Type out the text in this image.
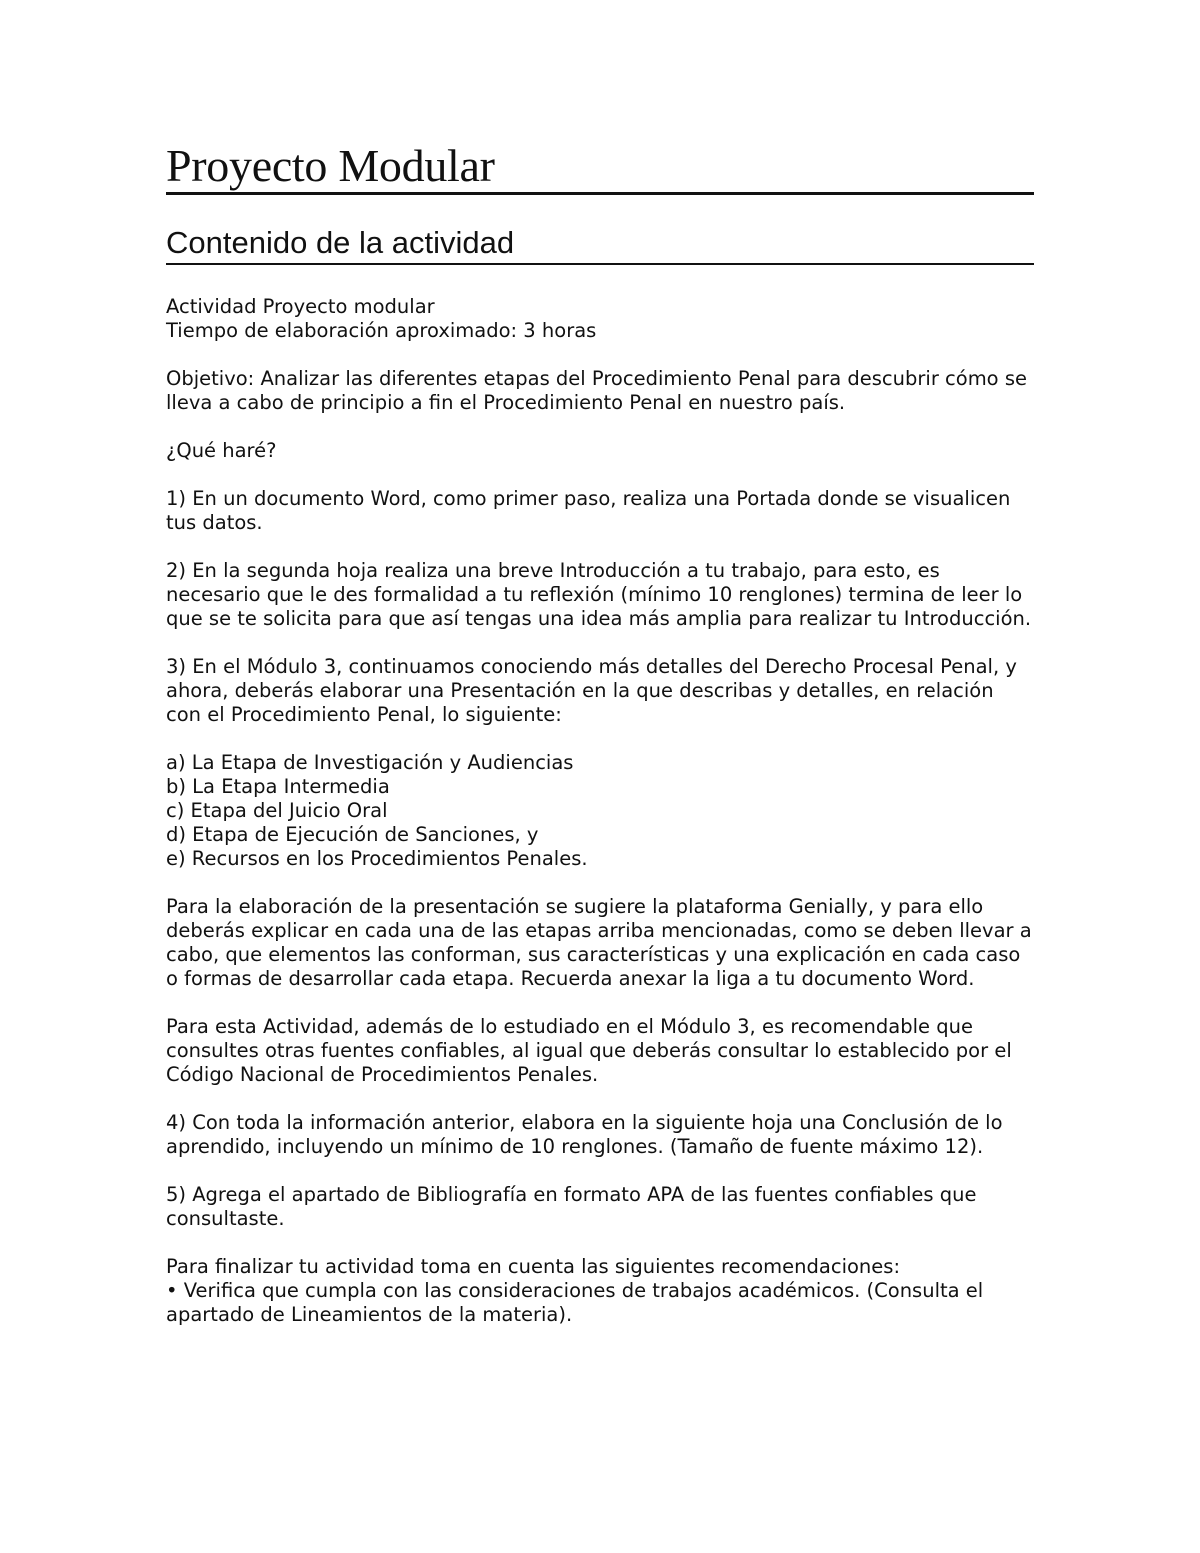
Proyecto Modular
Contenido de la actividad

Actividad Proyecto modular
Tiempo de elaboración aproximado: 3 horas

Objetivo: Analizar las diferentes etapas del Procedimiento Penal para descubrir cómo se lleva a cabo de principio a fin el Procedimiento Penal en nuestro país.

¿Qué haré?

1) En un documento Word, como primer paso, realiza una Portada donde se visualicen tus datos.

2) En la segunda hoja realiza una breve Introducción a tu trabajo, para esto, es necesario que le des formalidad a tu reflexión (mínimo 10 renglones) termina de leer lo que se te solicita para que así tengas una idea más amplia para realizar tu Introducción.

3) En el Módulo 3, continuamos conociendo más detalles del Derecho Procesal Penal, y ahora, deberás elaborar una Presentación en la que describas y detalles, en relación con el Procedimiento Penal, lo siguiente:

a) La Etapa de Investigación y Audiencias
b) La Etapa Intermedia
c) Etapa del Juicio Oral
d) Etapa de Ejecución de Sanciones, y
e) Recursos en los Procedimientos Penales.

Para la elaboración de la presentación se sugiere la plataforma Genially, y para ello deberás explicar en cada una de las etapas arriba mencionadas, como se deben llevar a cabo, que elementos las conforman, sus características y una explicación en cada caso o formas de desarrollar cada etapa. Recuerda anexar la liga a tu documento Word.

Para esta Actividad, además de lo estudiado en el Módulo 3, es recomendable que consultes otras fuentes confiables, al igual que deberás consultar lo establecido por el Código Nacional de Procedimientos Penales.

4) Con toda la información anterior, elabora en la siguiente hoja una Conclusión de lo aprendido, incluyendo un mínimo de 10 renglones. (Tamaño de fuente máximo 12).

5) Agrega el apartado de Bibliografía en formato APA de las fuentes confiables que consultaste.

Para finalizar tu actividad toma en cuenta las siguientes recomendaciones:
• Verifica que cumpla con las consideraciones de trabajos académicos. (Consulta el apartado de Lineamientos de la materia).
